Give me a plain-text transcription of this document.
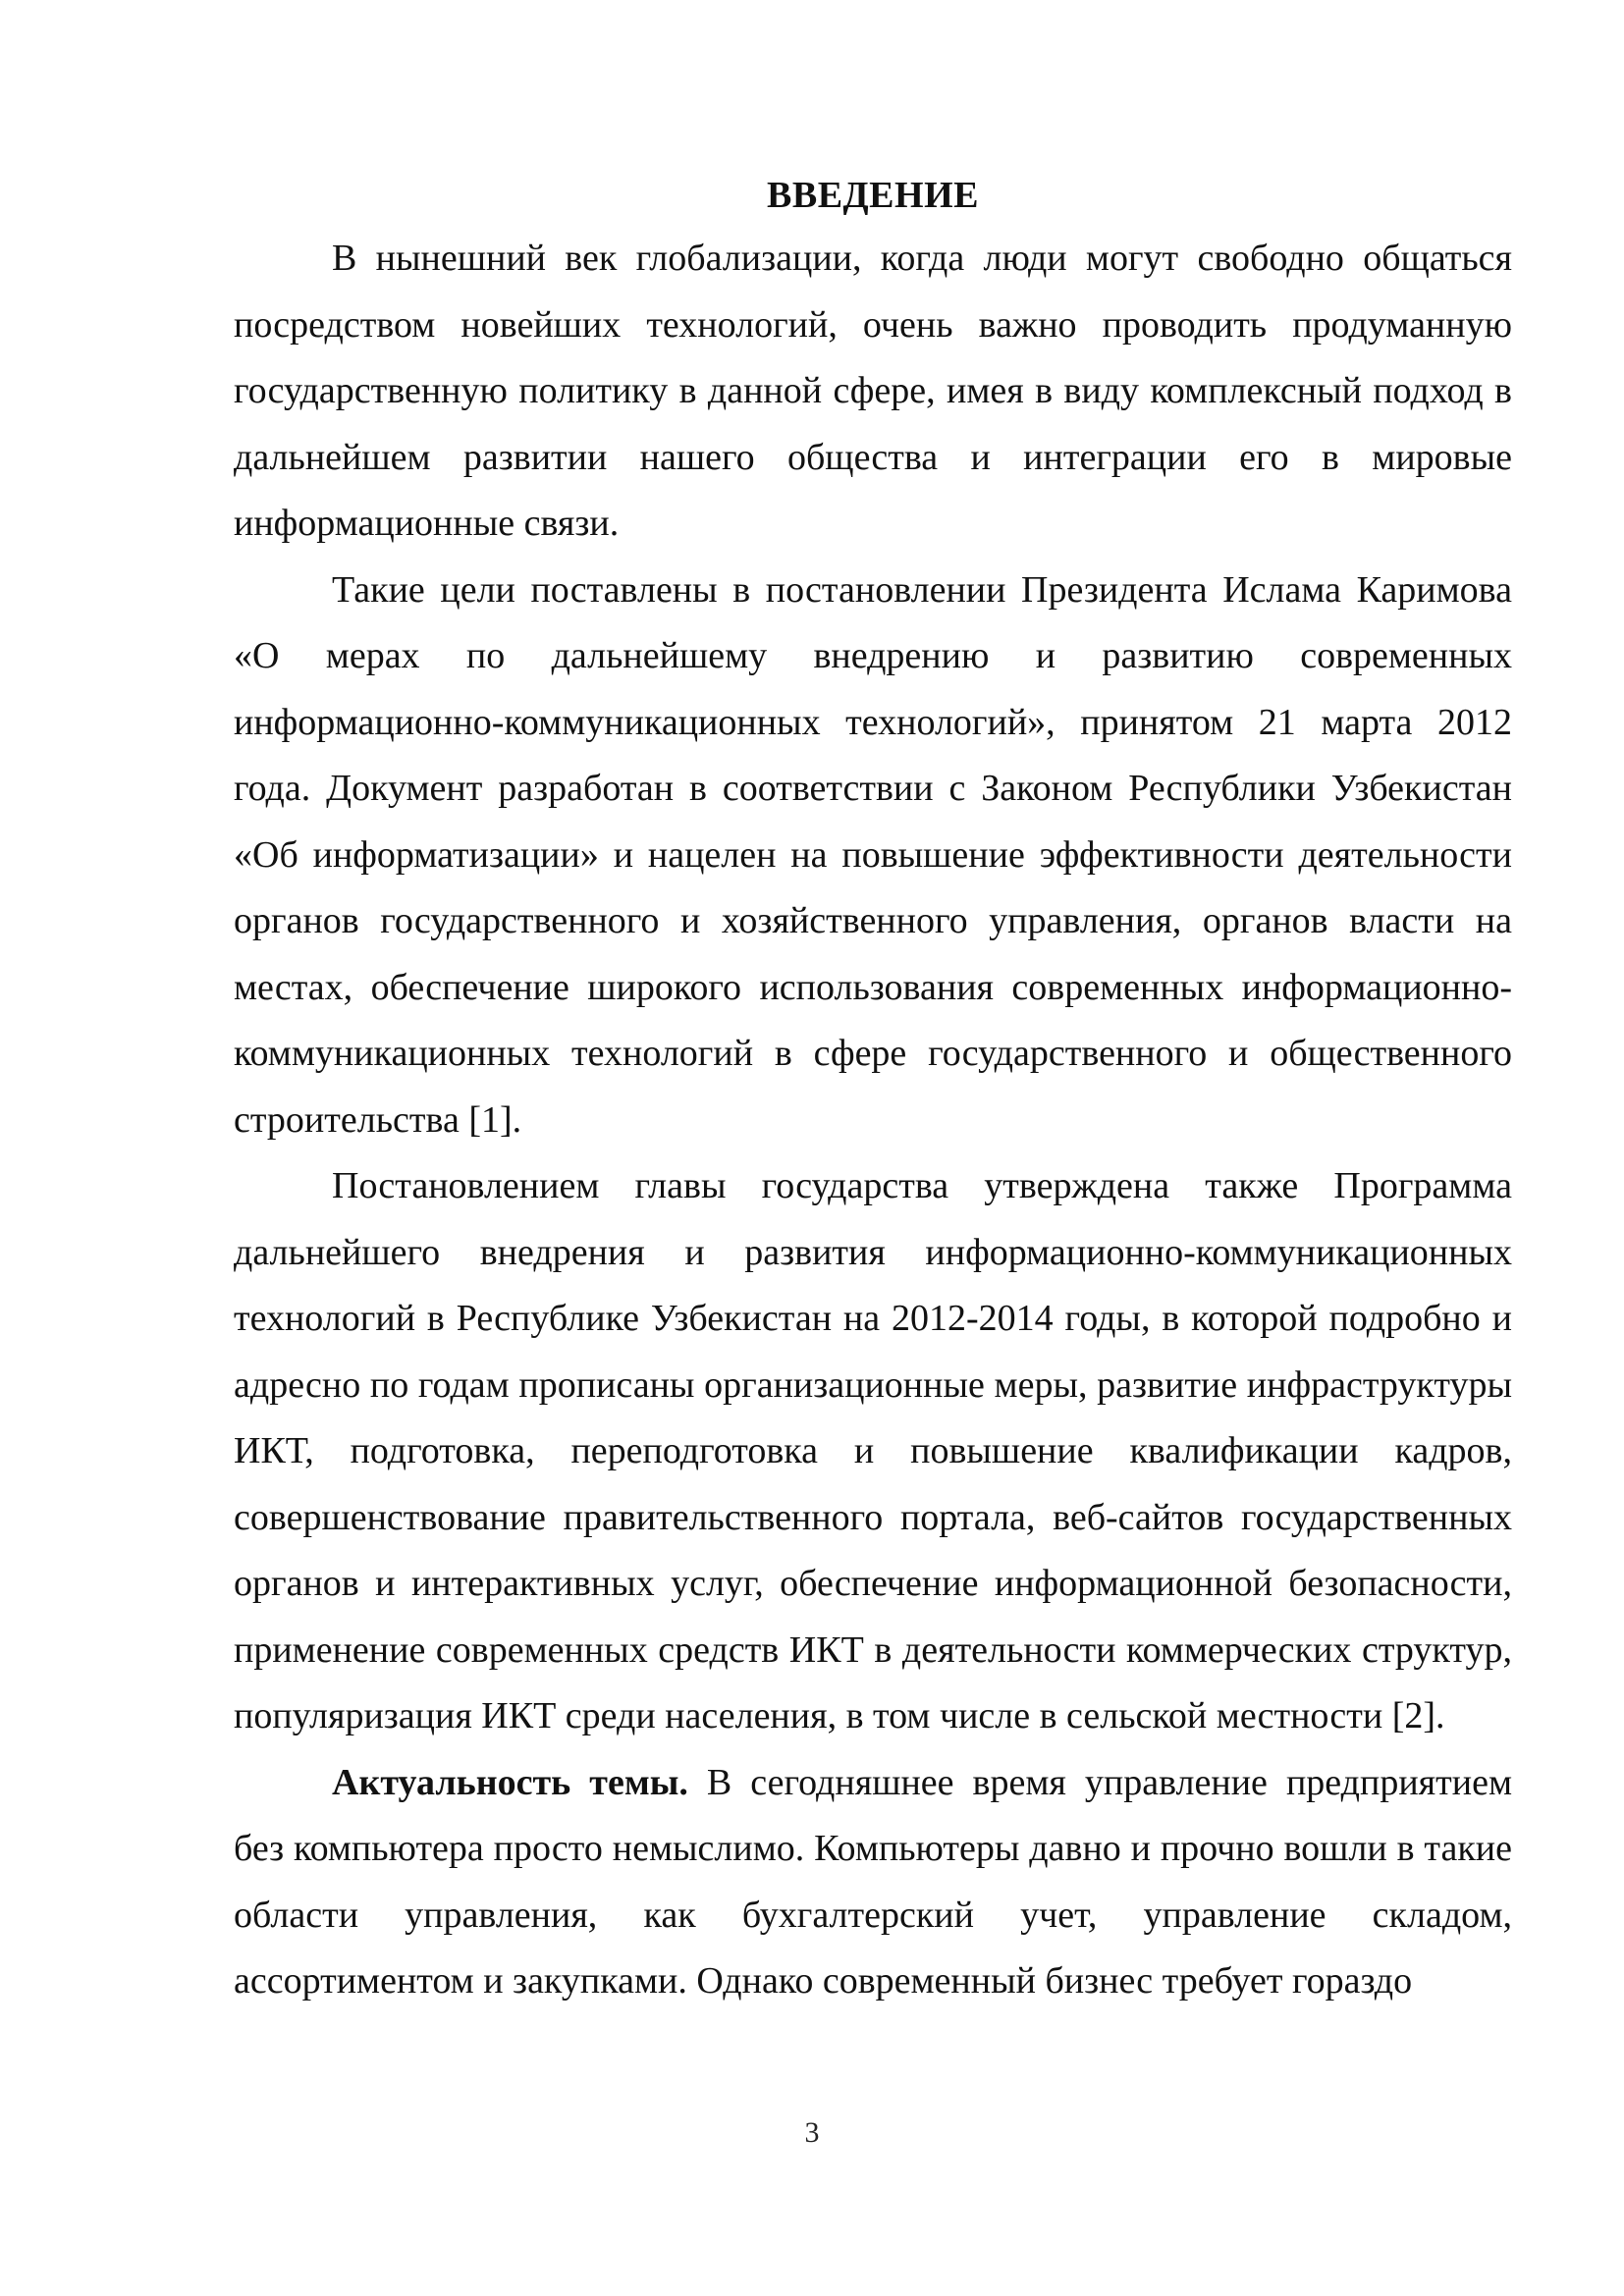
ВВЕДЕНИЕ

В нынешний век глобализации, когда люди могут свободно общаться посредством новейших технологий, очень важно проводить продуманную государственную политику в данной сфере, имея в виду комплексный подход в дальнейшем развитии нашего общества и интеграции его в мировые информационные связи.

Такие цели поставлены в постановлении Президента Ислама Каримова «О мерах по дальнейшему внедрению и развитию современных информационно-коммуникационных технологий», принятом 21 марта 2012 года. Документ разработан в соответствии с Законом Республики Узбекистан «Об информатизации» и нацелен на повышение эффективности деятельности органов государственного и хозяйственного управления, органов власти на местах, обеспечение широкого использования современных информационно-коммуникационных технологий в сфере государственного и общественного строительства [1].

Постановлением главы государства утверждена также Программа дальнейшего внедрения и развития информационно-коммуникационных технологий в Республике Узбекистан на 2012-2014 годы, в которой подробно и адресно по годам прописаны организационные меры, развитие инфраструктуры ИКТ, подготовка, переподготовка и повышение квалификации кадров, совершенствование правительственного портала, веб-сайтов государственных органов и интерактивных услуг, обеспечение информационной безопасности, применение современных средств ИКТ в деятельности коммерческих структур, популяризация ИКТ среди населения, в том числе в сельской местности [2].

Актуальность темы. В сегодняшнее время управление предприятием без компьютера просто немыслимо. Компьютеры давно и прочно вошли в такие области управления, как бухгалтерский учет, управление складом, ассортиментом и закупками. Однако современный бизнес требует гораздо

3
